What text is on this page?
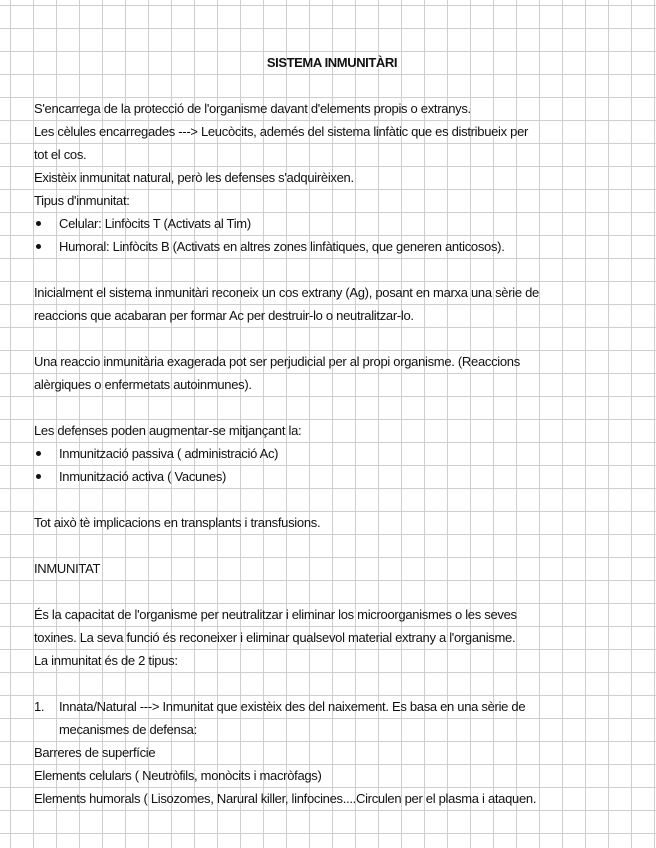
SISTEMA INMUNITÀRI
S'encarrega de la protecció de l'organisme davant d'elements propis o extranys.
Les cèlules encarregades ---> Leucòcits, ademés del sistema linfàtic que es distribueix per
tot el cos.
Existèix inmunitat natural, però les defenses s'adquirèixen.
Tipus d'inmunitat:
Celular: Linfòcits T (Activats al Tim)
Humoral: Linfòcits B (Activats en altres zones linfàtiques, que generen anticosos).
Inicialment el sistema inmunitàri reconeix un cos extrany (Ag), posant en marxa una sèrie de
reaccions que acabaran per formar Ac per destruir-lo o neutralitzar-lo.
Una reaccio inmunitària exagerada pot ser perjudicial per al propi organisme. (Reaccions
alèrgiques o enfermetats autoinmunes).
Les defenses poden augmentar-se mitjançant la:
Inmunització passiva ( administració Ac)
Inmunització activa ( Vacunes)
Tot això tè implicacions en transplants i transfusions.
INMUNITAT
És la capacitat de l'organisme per neutralitzar i eliminar los microorganismes o les seves
toxines. La seva funció és reconeixer i eliminar qualsevol material extrany a l'organisme.
La inmunitat és de 2 tipus:
1. Innata/Natural ---> Inmunitat que existèix des del naixement. Es basa en una sèrie de
mecanismes de defensa:
Barreres de superfície
Elements celulars ( Neutròfils, monòcits i macròfags)
Elements humorals ( Lisozomes, Narural killer, linfocines....Circulen per el plasma i ataquen.
